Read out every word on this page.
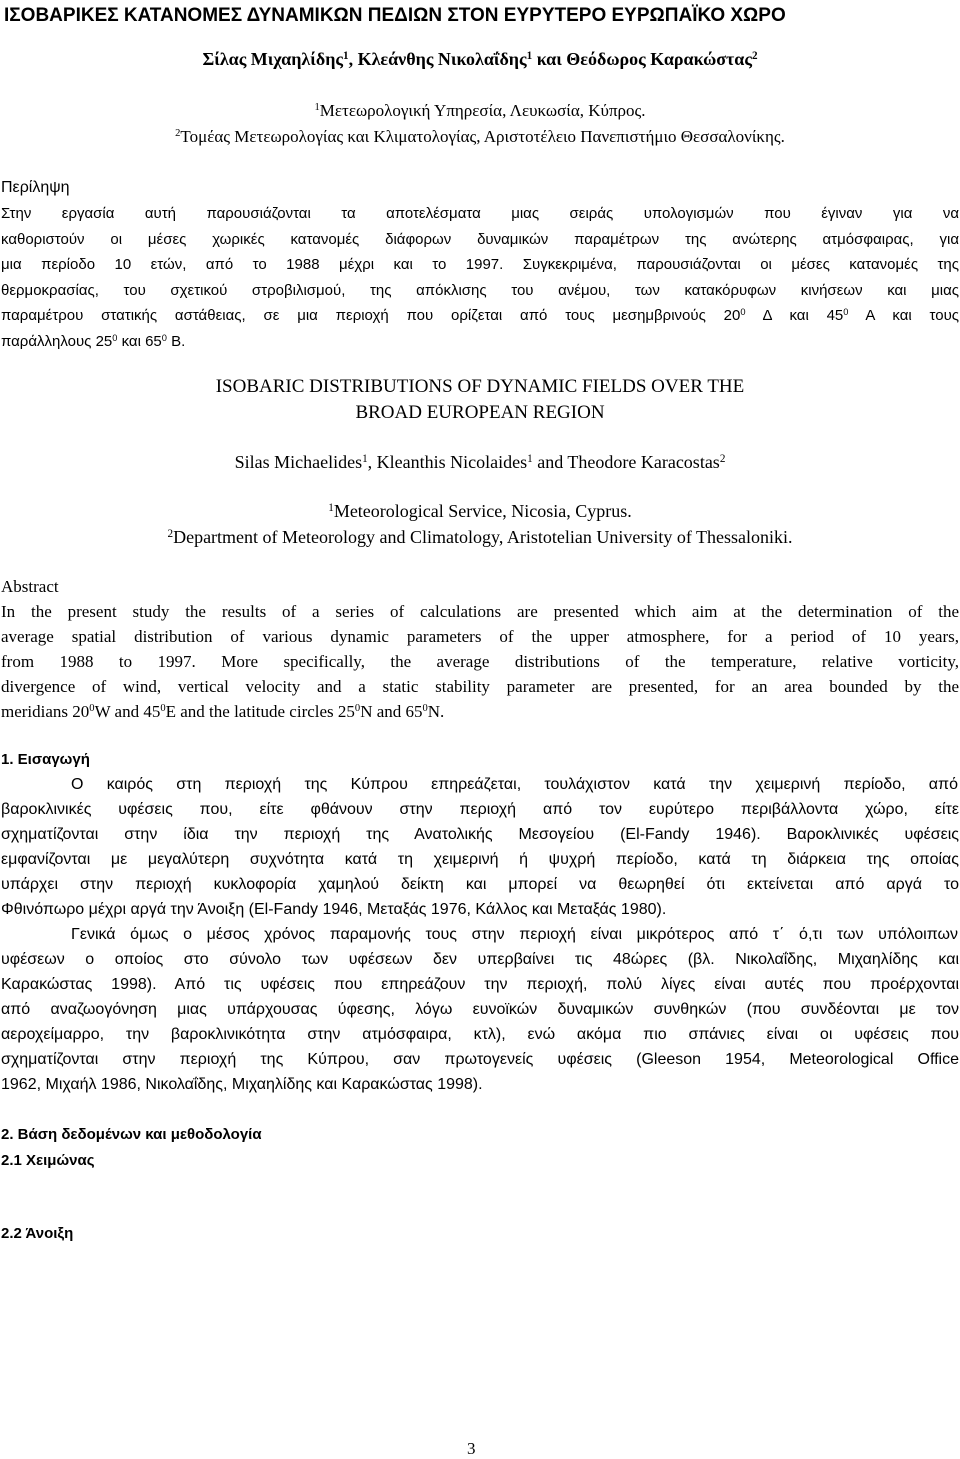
ΙΣΟΒΑΡΙΚΕΣ ΚΑΤΑΝΟΜΕΣ ΔΥΝΑΜΙΚΩΝ ΠΕΔΙΩΝ ΣΤΟΝ ΕΥΡΥΤΕΡΟ ΕΥΡΩΠΑΪΚΟ ΧΩΡΟ
Σίλας Μιχαηλίδης$^1$, Κλεάνθης Νικολαΐδης$^1$ και Θεόδωρος Καρακώστας$^2$
$^1$Μετεωρολογική Υπηρεσία, Λευκωσία, Κύπρος.
$^2$Τομέας Μετεωρολογίας και Κλιματολογίας, Αριστοτέλειο Πανεπιστήμιο Θεσσαλονίκης.
Περίληψη
Στην εργασία αυτή παρουσιάζονται τα αποτελέσματα μιας σειράς υπολογισμών που έγιναν για να
καθοριστούν οι μέσες χωρικές κατανομές διάφορων δυναμικών παραμέτρων της ανώτερης ατμόσφαιρας, για
μια περίοδο 10 ετών, από το 1988 μέχρι και το 1997. Συγκεκριμένα, παρουσιάζονται οι μέσες κατανομές της
θερμοκρασίας, του σχετικού στροβιλισμού, της απόκλισης του ανέμου, των κατακόρυφων κινήσεων και μιας
παραμέτρου στατικής αστάθειας, σε μια περιοχή που ορίζεται από τους μεσημβρινούς $20^0$ Δ και $45^0$ Α και τους
παράλληλους $25^0$ και $65^0$ Β.
ISOBARIC DISTRIBUTIONS OF DYNAMIC FIELDS OVER THE
BROAD EUROPEAN REGION
Silas Michaelides$^1$, Kleanthis Nicolaides$^1$ and Theodore Karacostas$^2$
$^1$Meteorological Service, Nicosia, Cyprus.
$^2$Department of Meteorology and Climatology, Aristotelian University of Thessaloniki.
Abstract
In the present study the results of a series of calculations are presented which aim at the determination of the
average spatial distribution of various dynamic parameters of the upper atmosphere, for a period of 10 years,
from 1988 to 1997. More specifically, the average distributions of the temperature, relative vorticity,
divergence of wind, vertical velocity and a static stability parameter are presented, for an area bounded by the
meridians $20^0W$ and $45^0E$ and the latitude circles $25^0N$ and $65^0N$.
1. Εισαγωγή
Ο καιρός στη περιοχή της Κύπρου επηρεάζεται, τουλάχιστον κατά την χειμερινή περίοδο, από
βαροκλινικές υφέσεις που, είτε φθάνουν στην περιοχή από τον ευρύτερο περιβάλλοντα χώρο, είτε
σχηματίζονται στην ίδια την περιοχή της Ανατολικής Μεσογείου (El-Fandy 1946). Βαροκλινικές υφέσεις
εμφανίζονται με μεγαλύτερη συχνότητα κατά τη χειμερινή ή ψυχρή περίοδο, κατά τη διάρκεια της οποίας
υπάρχει στην περιοχή κυκλοφορία χαμηλού δείκτη και μπορεί να θεωρηθεί ότι εκτείνεται από αργά το
Φθινόπωρο μέχρι αργά την Άνοιξη (El-Fandy 1946, Μεταξάς 1976, Κάλλος και Μεταξάς 1980).
Γενικά όμως ο μέσος χρόνος παραμονής τους στην περιοχή είναι μικρότερος από τ΄ ό,τι των υπόλοιπων
υφέσεων ο οποίος στο σύνολο των υφέσεων δεν υπερβαίνει τις 48ώρες (βλ. Νικολαΐδης, Μιχαηλίδης και
Καρακώστας 1998). Από τις υφέσεις που επηρεάζουν την περιοχή, πολύ λίγες είναι αυτές που προέρχονται
από αναζωογόνηση μιας υπάρχουσας ύφεσης, λόγω ευνοϊκών δυναμικών συνθηκών (που συνδέονται με τον
αεροχείμαρρο, την βαροκλινικότητα στην ατμόσφαιρα, κτλ), ενώ ακόμα πιο σπάνιες είναι οι υφέσεις που
σχηματίζονται στην περιοχή της Κύπρου, σαν πρωτογενείς υφέσεις (Gleeson 1954, Meteorological Office
1962, Μιχαήλ 1986, Νικολαΐδης, Μιχαηλίδης και Καρακώστας 1998).
2. Βάση δεδομένων και μεθοδολογία
2.1 Χειμώνας
2.2 Άνοιξη
3
